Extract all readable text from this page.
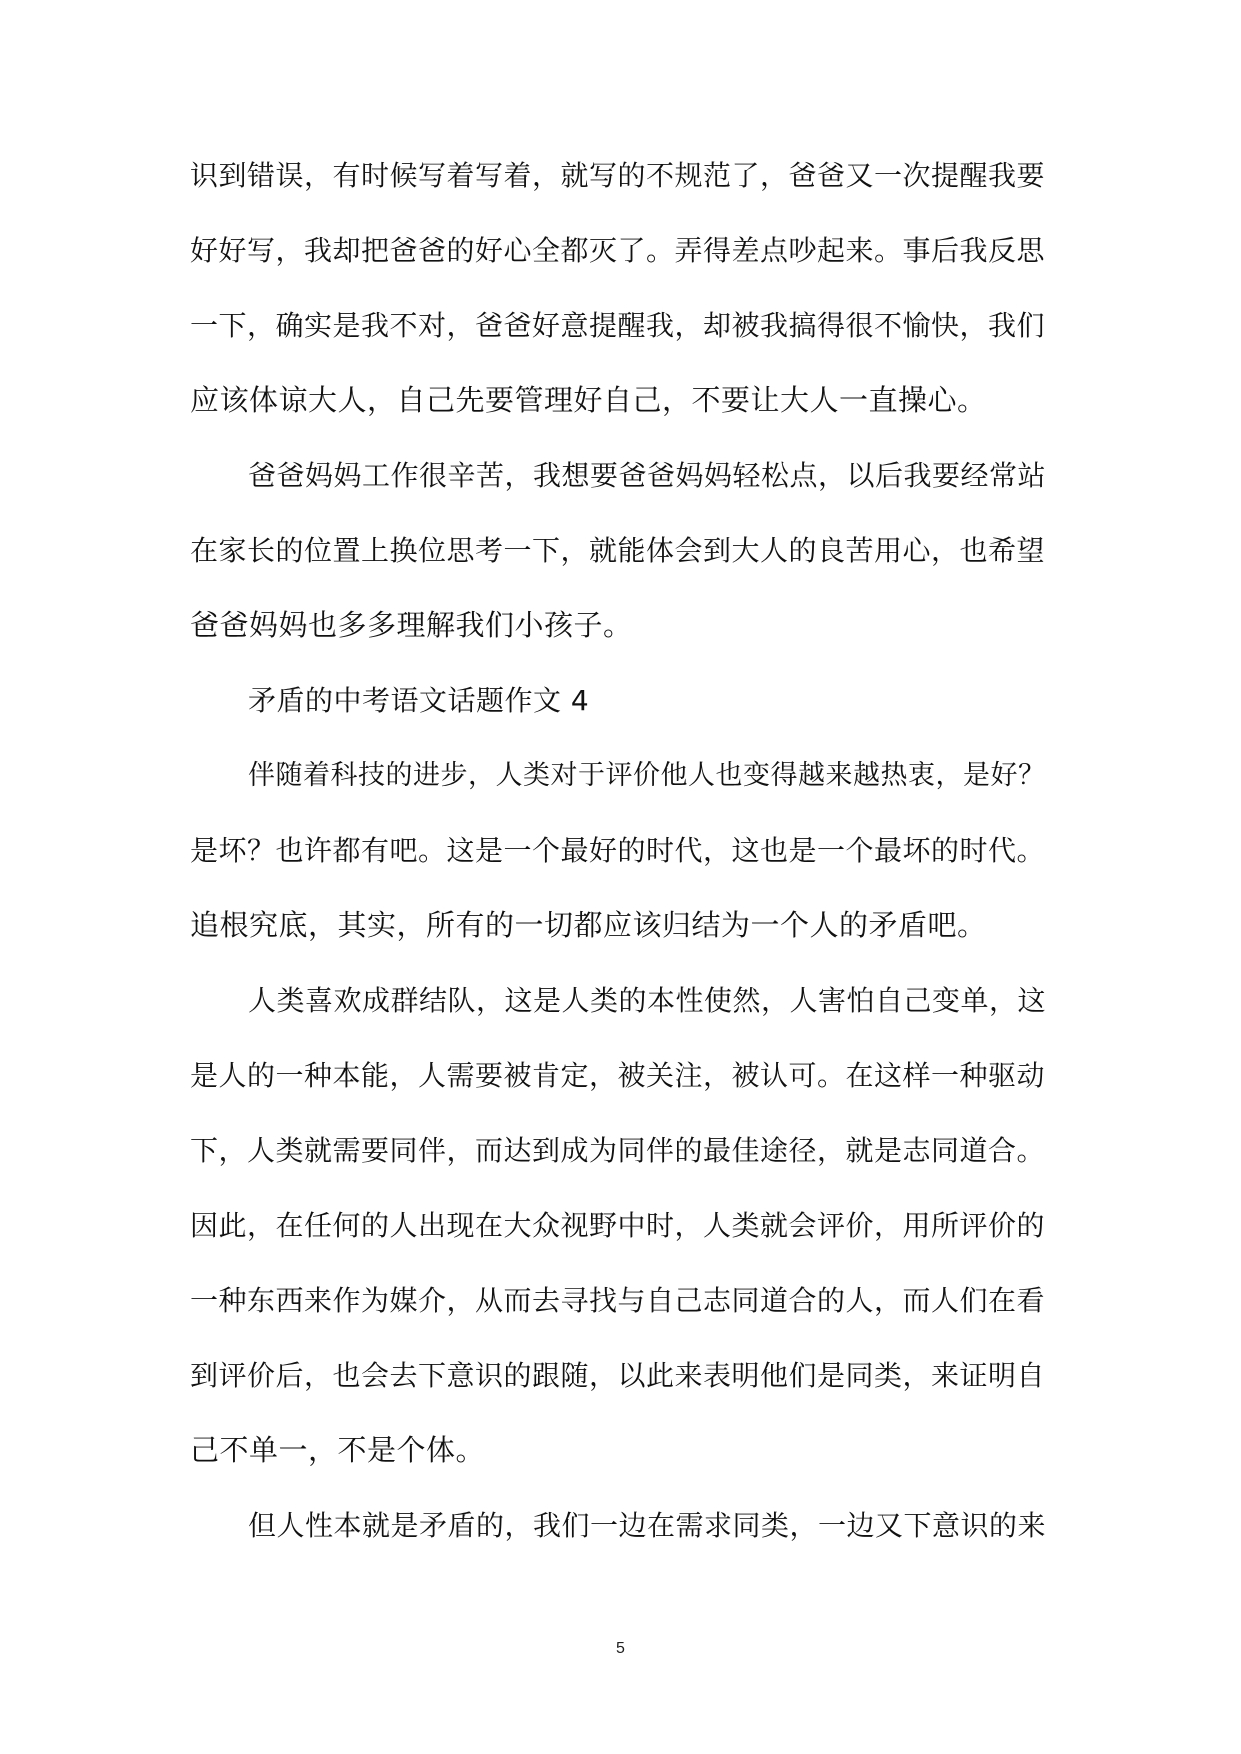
识到错误，有时候写着写着，就写的不规范了，爸爸又一次提醒我要
好好写，我却把爸爸的好心全都灭了。弄得差点吵起来。事后我反思
一下，确实是我不对，爸爸好意提醒我，却被我搞得很不愉快，我们
应该体谅大人，自己先要管理好自己，不要让大人一直操心。
爸爸妈妈工作很辛苦，我想要爸爸妈妈轻松点，以后我要经常站
在家长的位置上换位思考一下，就能体会到大人的良苦用心，也希望
爸爸妈妈也多多理解我们小孩子。
矛盾的中考语文话题作文 4
伴随着科技的进步，人类对于评价他人也变得越来越热衷，是好？
是坏？也许都有吧。这是一个最好的时代，这也是一个最坏的时代。
追根究底，其实，所有的一切都应该归结为一个人的矛盾吧。
人类喜欢成群结队，这是人类的本性使然，人害怕自己变单，这
是人的一种本能，人需要被肯定，被关注，被认可。在这样一种驱动
下，人类就需要同伴，而达到成为同伴的最佳途径，就是志同道合。
因此，在任何的人出现在大众视野中时，人类就会评价，用所评价的
一种东西来作为媒介，从而去寻找与自己志同道合的人，而人们在看
到评价后，也会去下意识的跟随，以此来表明他们是同类，来证明自
己不单一，不是个体。
但人性本就是矛盾的，我们一边在需求同类，一边又下意识的来
5
